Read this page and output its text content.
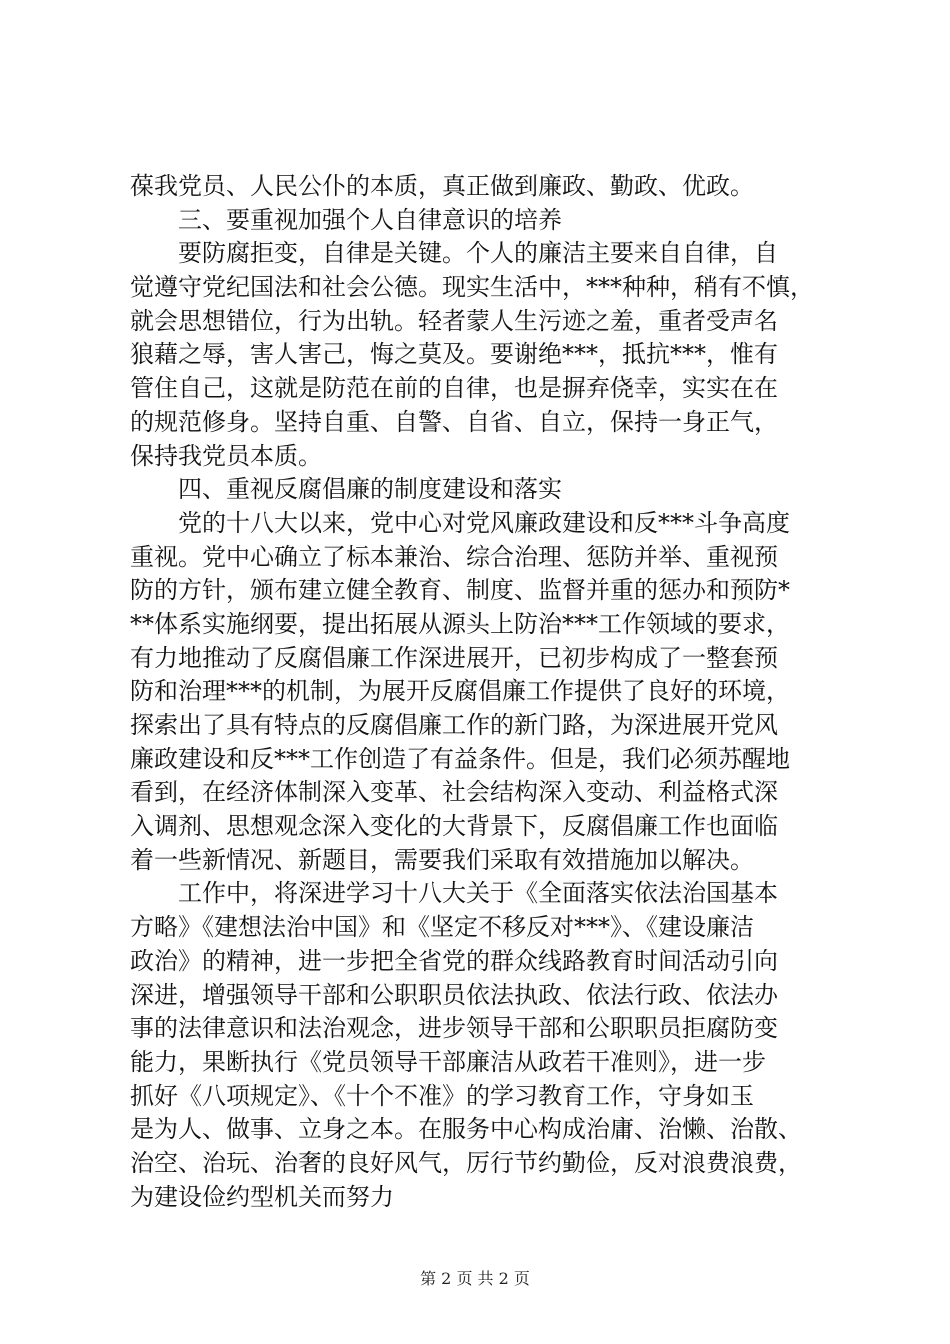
葆我党员、人民公仆的本质，真正做到廉政、勤政、优政。
　　三、要重视加强个人自律意识的培养
　　要防腐拒变，自律是关键。个人的廉洁主要来自自律，自
觉遵守党纪国法和社会公德。现实生活中，***种种，稍有不慎，
就会思想错位，行为出轨。轻者蒙人生污迹之羞，重者受声名
狼藉之辱，害人害己，悔之莫及。要谢绝***，抵抗***，惟有
管住自己，这就是防范在前的自律，也是摒弃侥幸，实实在在
的规范修身。坚持自重、自警、自省、自立，保持一身正气，
保持我党员本质。
　　四、重视反腐倡廉的制度建设和落实
　　党的十八大以来，党中心对党风廉政建设和反***斗争高度
重视。党中心确立了标本兼治、综合治理、惩防并举、重视预
防的方针，颁布建立健全教育、制度、监督并重的惩办和预防*
**体系实施纲要，提出拓展从源头上防治***工作领域的要求，
有力地推动了反腐倡廉工作深进展开，已初步构成了一整套预
防和治理***的机制，为展开反腐倡廉工作提供了良好的环境，
探索出了具有特点的反腐倡廉工作的新门路，为深进展开党风
廉政建设和反***工作创造了有益条件。但是，我们必须苏醒地
看到，在经济体制深入变革、社会结构深入变动、利益格式深
入调剂、思想观念深入变化的大背景下，反腐倡廉工作也面临
着一些新情况、新题目，需要我们采取有效措施加以解决。
　　工作中，将深进学习十八大关于《全面落实依法治国基本
方略》《建想法治中国》和《坚定不移反对***》、《建设廉洁
政治》的精神，进一步把全省党的群众线路教育时间活动引向
深进，增强领导干部和公职职员依法执政、依法行政、依法办
事的法律意识和法治观念，进步领导干部和公职职员拒腐防变
能力，果断执行《党员领导干部廉洁从政若干准则》，进一步
抓好《八项规定》、《十个不准》的学习教育工作，守身如玉
是为人、做事、立身之本。在服务中心构成治庸、治懒、治散、
治空、治玩、治奢的良好风气，厉行节约勤俭，反对浪费浪费，
为建设俭约型机关而努力
第 2 页 共 2 页
